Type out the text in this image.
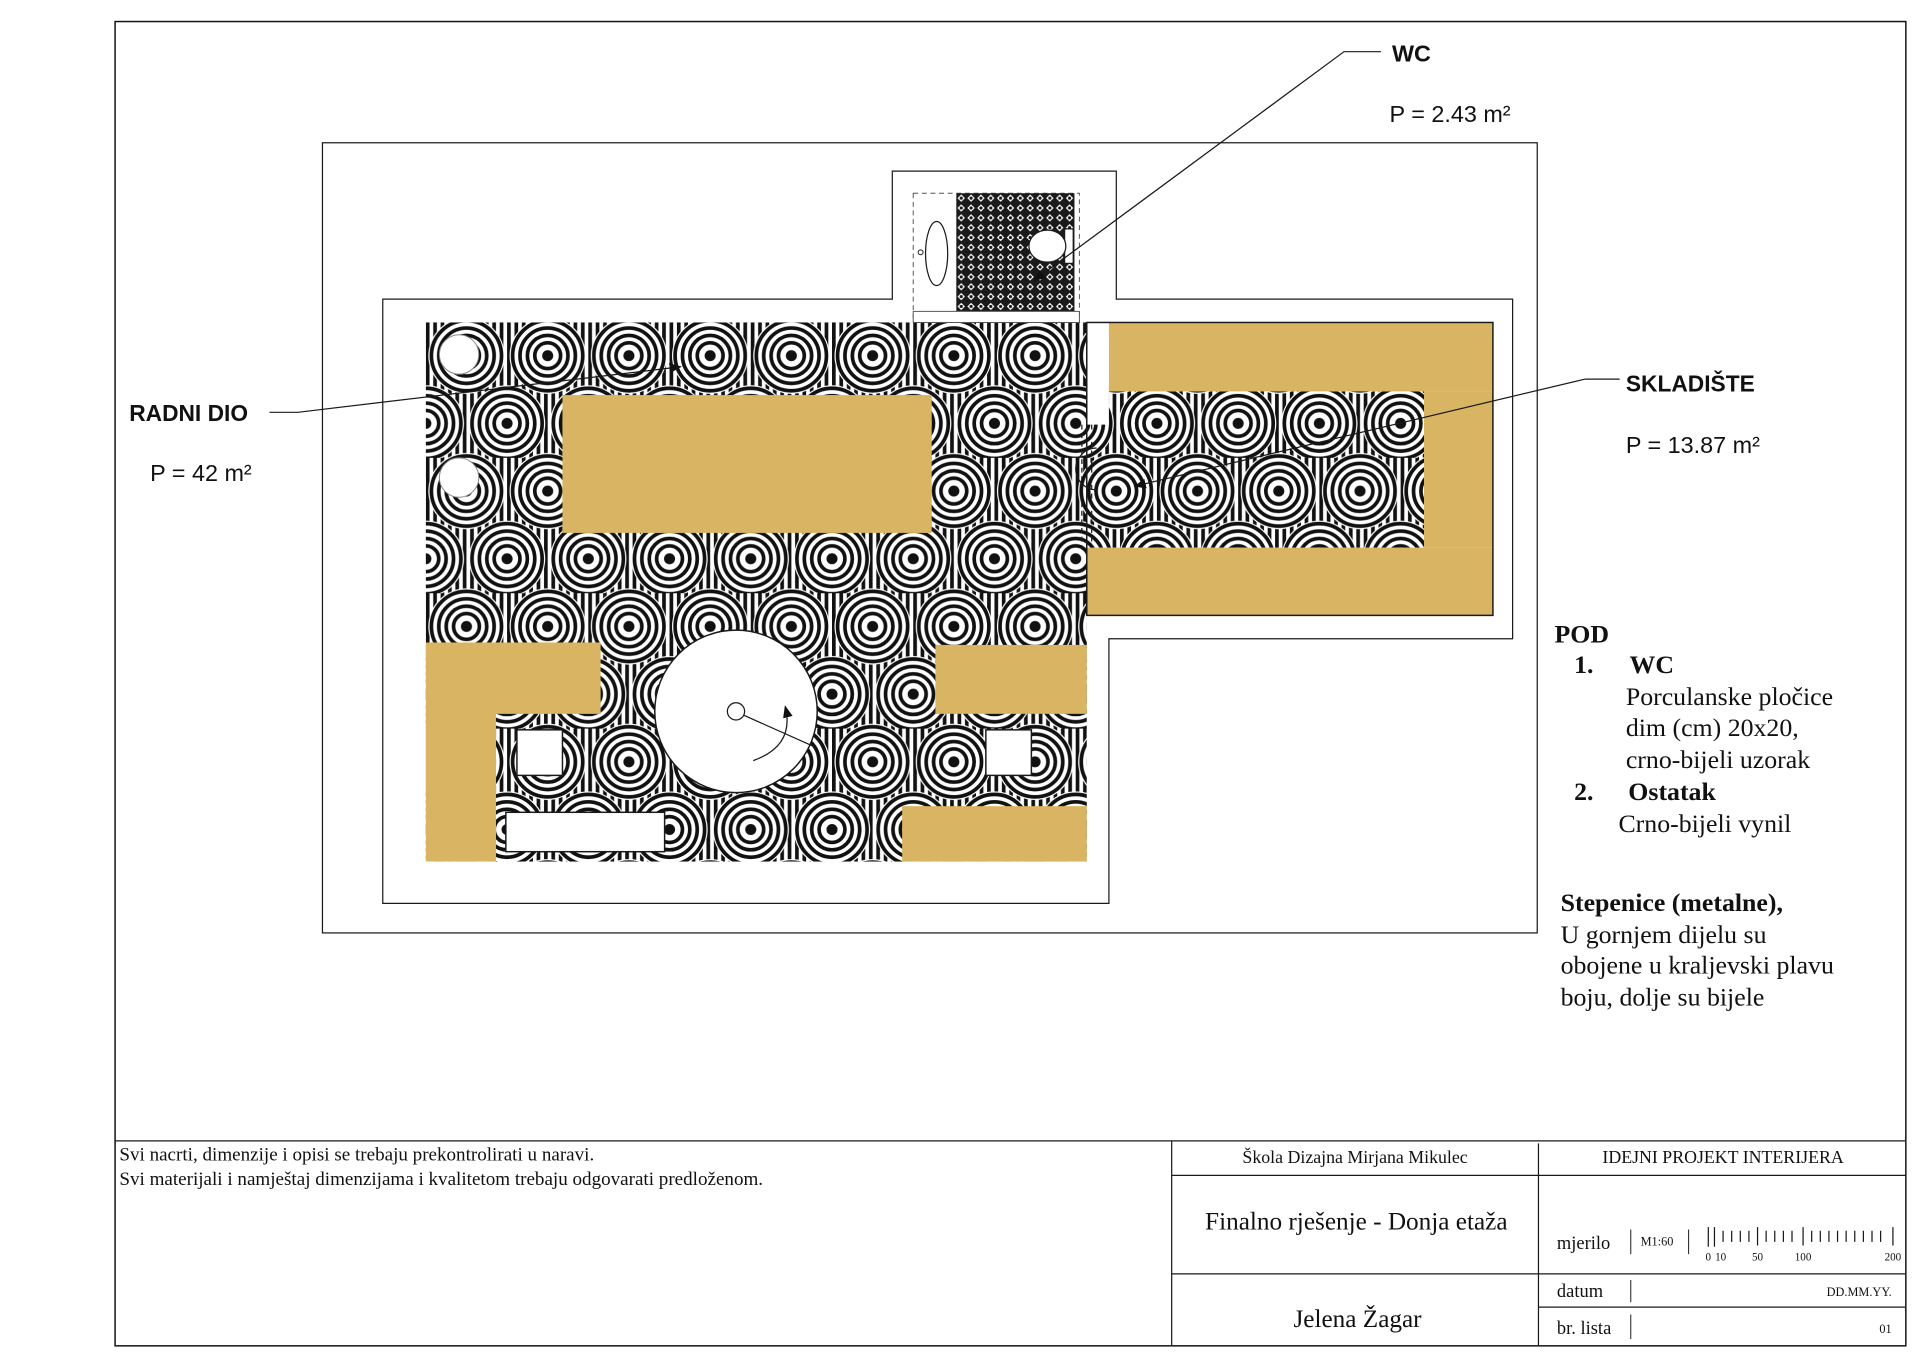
WC
P = 2.43 m²
RADNI DIO
P = 42 m²
SKLADIŠTE
P = 13.87 m²
POD
1. WC
Porculanske pločice
dim (cm) 20x20,
crno-bijeli uzorak
2. Ostatak
Crno-bijeli vynil
Stepenice (metalne),
U gornjem dijelu su
obojene u kraljevski plavu
boju, dolje su bijele
Svi nacrti, dimenzije i opisi se trebaju prekontrolirati u naravi.
Svi materijali i namještaj dimenzijama i kvalitetom trebaju odgovarati predloženom.
Škola Dizajna Mirjana Mikulec	IDEJNI PROJEKT INTERIJERA
Finalno rješenje - Donja etaža
Jelena Žagar
mjerilo	M1:60
0 10	50	100	200
datum	DD.MM.YY.
br. lista	01
